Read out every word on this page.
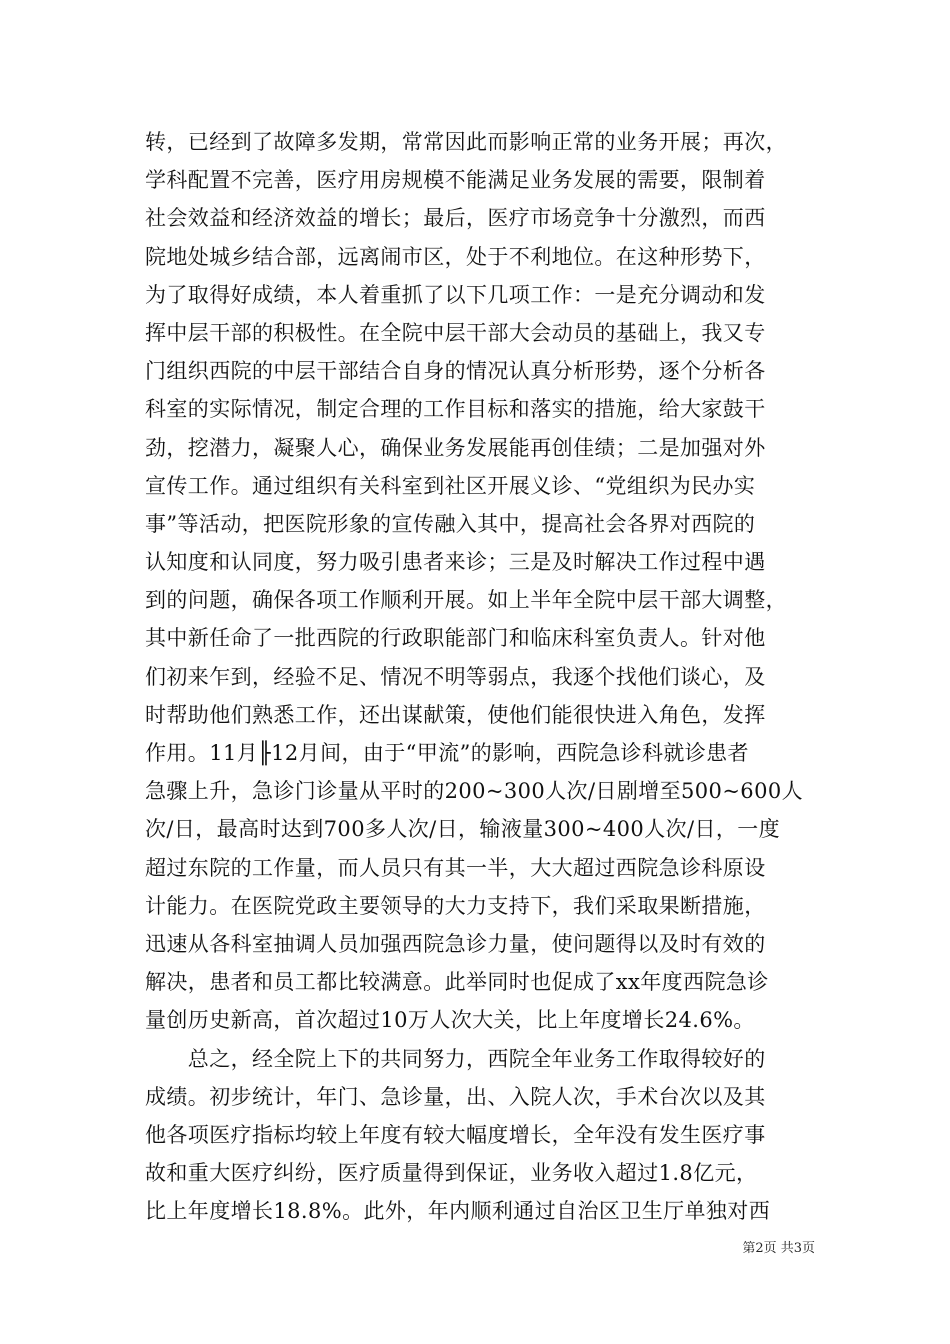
转，已经到了故障多发期，常常因此而影响正常的业务开展；再次，
学科配置不完善，医疗用房规模不能满足业务发展的需要，限制着
社会效益和经济效益的增长；最后，医疗市场竞争十分激烈，而西
院地处城乡结合部，远离闹市区，处于不利地位。在这种形势下，
为了取得好成绩，本人着重抓了以下几项工作：一是充分调动和发
挥中层干部的积极性。在全院中层干部大会动员的基础上，我又专
门组织西院的中层干部结合自身的情况认真分析形势，逐个分析各
科室的实际情况，制定合理的工作目标和落实的措施，给大家鼓干
劲，挖潜力，凝聚人心，确保业务发展能再创佳绩；二是加强对外
宣传工作。通过组织有关科室到社区开展义诊、“党组织为民办实
事”等活动，把医院形象的宣传融入其中，提高社会各界对西院的
认知度和认同度，努力吸引患者来诊；三是及时解决工作过程中遇
到的问题，确保各项工作顺利开展。如上半年全院中层干部大调整，
其中新任命了一批西院的行政职能部门和临床科室负责人。针对他
们初来乍到，经验不足、情况不明等弱点，我逐个找他们谈心，及
时帮助他们熟悉工作，还出谋献策，使他们能很快进入角色，发挥
作用。11月╟12月间，由于“甲流”的影响，西院急诊科就诊患者
急骤上升，急诊门诊量从平时的200~300人次/日剧增至500~600人
次/日，最高时达到700多人次/日，输液量300~400人次/日，一度
超过东院的工作量，而人员只有其一半，大大超过西院急诊科原设
计能力。在医院党政主要领导的大力支持下，我们采取果断措施，
迅速从各科室抽调人员加强西院急诊力量，使问题得以及时有效的
解决，患者和员工都比较满意。此举同时也促成了xx年度西院急诊
量创历史新高，首次超过10万人次大关，比上年度增长24.6%。
　　总之，经全院上下的共同努力，西院全年业务工作取得较好的
成绩。初步统计，年门、急诊量，出、入院人次，手术台次以及其
他各项医疗指标均较上年度有较大幅度增长，全年没有发生医疗事
故和重大医疗纠纷，医疗质量得到保证，业务收入超过1.8亿元，
比上年度增长18.8%。此外，年内顺利通过自治区卫生厅单独对西
第2页 共3页
